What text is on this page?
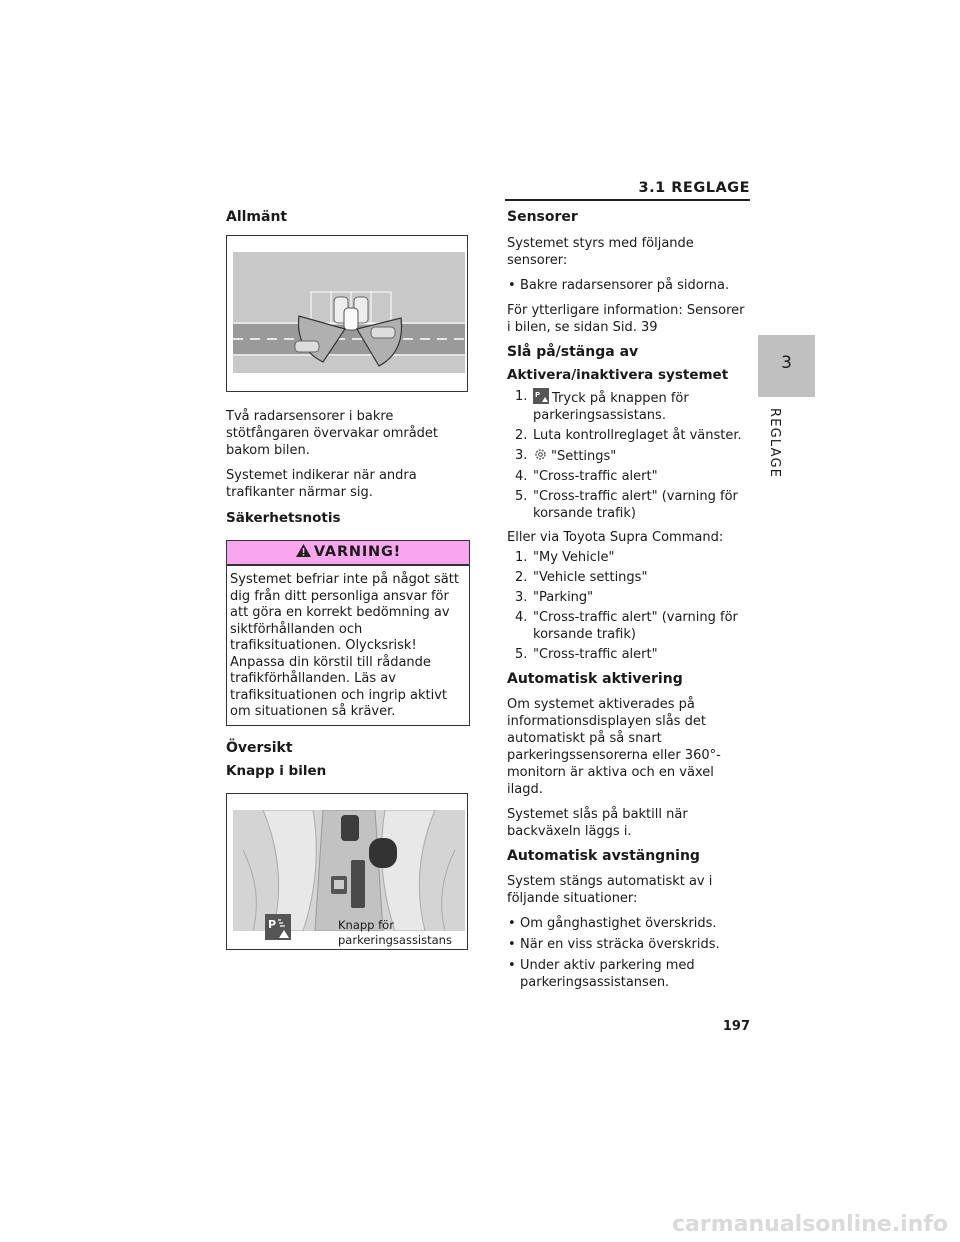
3.1 REGLAGE
3
REGLAGE
Allmänt

Två radarsensorer i bakre stötfångaren övervakar området bakom bilen.

Systemet indikerar när andra trafikanter närmar sig.

Säkerhetsnotis
VARNING!
Systemet befriar inte på något sätt dig från ditt personliga ansvar för att göra en korrekt bedömning av siktförhållanden och trafiksituationen. Olycksrisk! Anpassa din körstil till rådande trafikförhållanden. Läs av trafiksituationen och ingrip aktivt om situationen så kräver.
Översikt
Knapp i bilen
P	Knapp för parkeringsassistans
Sensorer

Systemet styrs med följande sensorer:

• Bakre radarsensorer på sidorna.

För ytterligare information: Sensorer i bilen, se sidan Sid. 39

Slå på/stänga av
Aktivera/inaktivera systemet
1. P Tryck på knappen för parkeringsassistans.
2. Luta kontrollreglaget åt vänster.
3. "Settings"
4. "Cross-traffic alert"
5. "Cross-traffic alert" (varning för korsande trafik)

Eller via Toyota Supra Command:

1. "My Vehicle"
2. "Vehicle settings"
3. "Parking"
4. "Cross-traffic alert" (varning för korsande trafik)
5. "Cross-traffic alert"
Automatisk aktivering

Om systemet aktiverades på informationsdisplayen slås det automatiskt på så snart parkeringssensorerna eller 360°-monitorn är aktiva och en växel ilagd.

Systemet slås på baktill när backväxeln läggs i.

Automatisk avstängning

System stängs automatiskt av i följande situationer:

• Om gånghastighet överskrids.
• När en viss sträcka överskrids.
• Under aktiv parkering med parkeringsassistansen.
197
carmanualsonline.info
